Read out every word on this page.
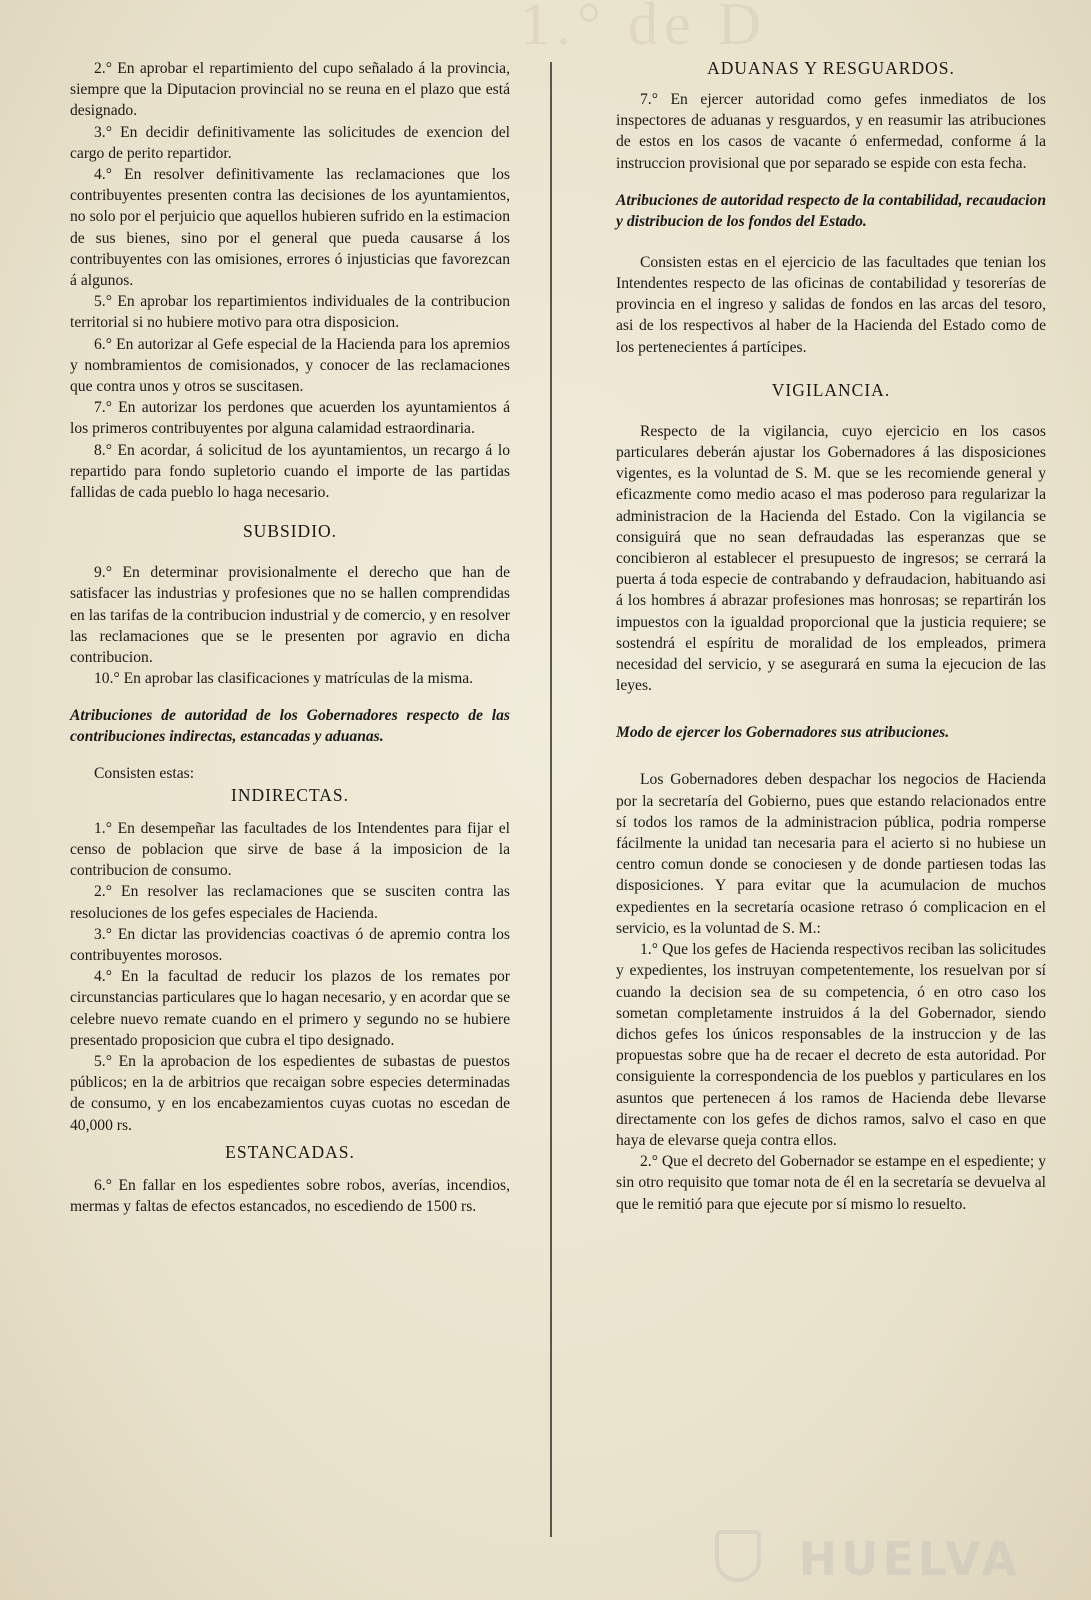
1.° de D

2.° En aprobar el repartimiento del cupo señalado á la provincia, siempre que la Diputacion provincial no se reuna en el plazo que está designado.

3.° En decidir definitivamente las solicitudes de exencion del cargo de perito repartidor.

4.° En resolver definitivamente las reclamaciones que los contribuyentes presenten contra las decisiones de los ayuntamientos, no solo por el perjuicio que aquellos hubieren sufrido en la estimacion de sus bienes, sino por el general que pueda causarse á los contribuyentes con las omisiones, errores ó injusticias que favorezcan á algunos.

5.° En aprobar los repartimientos individuales de la contribucion territorial si no hubiere motivo para otra disposicion.

6.° En autorizar al Gefe especial de la Hacienda para los apremios y nombramientos de comisionados, y conocer de las reclamaciones que contra unos y otros se suscitasen.

7.° En autorizar los perdones que acuerden los ayuntamientos á los primeros contribuyentes por alguna calamidad estraordinaria.

8.° En acordar, á solicitud de los ayuntamientos, un recargo á lo repartido para fondo supletorio cuando el importe de las partidas fallidas de cada pueblo lo haga necesario.

SUBSIDIO.

9.° En determinar provisionalmente el derecho que han de satisfacer las industrias y profesiones que no se hallen comprendidas en las tarifas de la contribucion industrial y de comercio, y en resolver las reclamaciones que se le presenten por agravio en dicha contribucion.

10.° En aprobar las clasificaciones y matrículas de la misma.

Atribuciones de autoridad de los Gobernadores respecto de las contribuciones indirectas, estancadas y aduanas.

Consisten estas:

INDIRECTAS.

1.° En desempeñar las facultades de los Intendentes para fijar el censo de poblacion que sirve de base á la imposicion de la contribucion de consumo.

2.° En resolver las reclamaciones que se susciten contra las resoluciones de los gefes especiales de Hacienda.

3.° En dictar las providencias coactivas ó de apremio contra los contribuyentes morosos.

4.° En la facultad de reducir los plazos de los remates por circunstancias particulares que lo hagan necesario, y en acordar que se celebre nuevo remate cuando en el primero y segundo no se hubiere presentado proposicion que cubra el tipo designado.

5.° En la aprobacion de los espedientes de subastas de puestos públicos; en la de arbitrios que recaigan sobre especies determinadas de consumo, y en los encabezamientos cuyas cuotas no escedan de 40,000 rs.

ESTANCADAS.

6.° En fallar en los espedientes sobre robos, averías, incendios, mermas y faltas de efectos estancados, no escediendo de 1500 rs.

ADUANAS Y RESGUARDOS.

7.° En ejercer autoridad como gefes inmediatos de los inspectores de aduanas y resguardos, y en reasumir las atribuciones de estos en los casos de vacante ó enfermedad, conforme á la instruccion provisional que por separado se espide con esta fecha.

Atribuciones de autoridad respecto de la contabilidad, recaudacion y distribucion de los fondos del Estado.

Consisten estas en el ejercicio de las facultades que tenian los Intendentes respecto de las oficinas de contabilidad y tesorerías de provincia en el ingreso y salidas de fondos en las arcas del tesoro, asi de los respectivos al haber de la Hacienda del Estado como de los pertenecientes á partícipes.

VIGILANCIA.

Respecto de la vigilancia, cuyo ejercicio en los casos particulares deberán ajustar los Gobernadores á las disposiciones vigentes, es la voluntad de S. M. que se les recomiende general y eficazmente como medio acaso el mas poderoso para regularizar la administracion de la Hacienda del Estado. Con la vigilancia se consiguirá que no sean defraudadas las esperanzas que se concibieron al establecer el presupuesto de ingresos; se cerrará la puerta á toda especie de contrabando y defraudacion, habituando asi á los hombres á abrazar profesiones mas honrosas; se repartirán los impuestos con la igualdad proporcional que la justicia requiere; se sostendrá el espíritu de moralidad de los empleados, primera necesidad del servicio, y se asegurará en suma la ejecucion de las leyes.

Modo de ejercer los Gobernadores sus atribuciones.

Los Gobernadores deben despachar los negocios de Hacienda por la secretaría del Gobierno, pues que estando relacionados entre sí todos los ramos de la administracion pública, podria romperse fácilmente la unidad tan necesaria para el acierto si no hubiese un centro comun donde se conociesen y de donde partiesen todas las disposiciones. Y para evitar que la acumulacion de muchos expedientes en la secretaría ocasione retraso ó complicacion en el servicio, es la voluntad de S. M.:

1.° Que los gefes de Hacienda respectivos reciban las solicitudes y expedientes, los instruyan competentemente, los resuelvan por sí cuando la decision sea de su competencia, ó en otro caso los sometan completamente instruidos á la del Gobernador, siendo dichos gefes los únicos responsables de la instruccion y de las propuestas sobre que ha de recaer el decreto de esta autoridad. Por consiguiente la correspondencia de los pueblos y particulares en los asuntos que pertenecen á los ramos de Hacienda debe llevarse directamente con los gefes de dichos ramos, salvo el caso en que haya de elevarse queja contra ellos.

2.° Que el decreto del Gobernador se estampe en el espediente; y sin otro requisito que tomar nota de él en la secretaría se devuelva al que le remitió para que ejecute por sí mismo lo resuelto.

HUELVA
